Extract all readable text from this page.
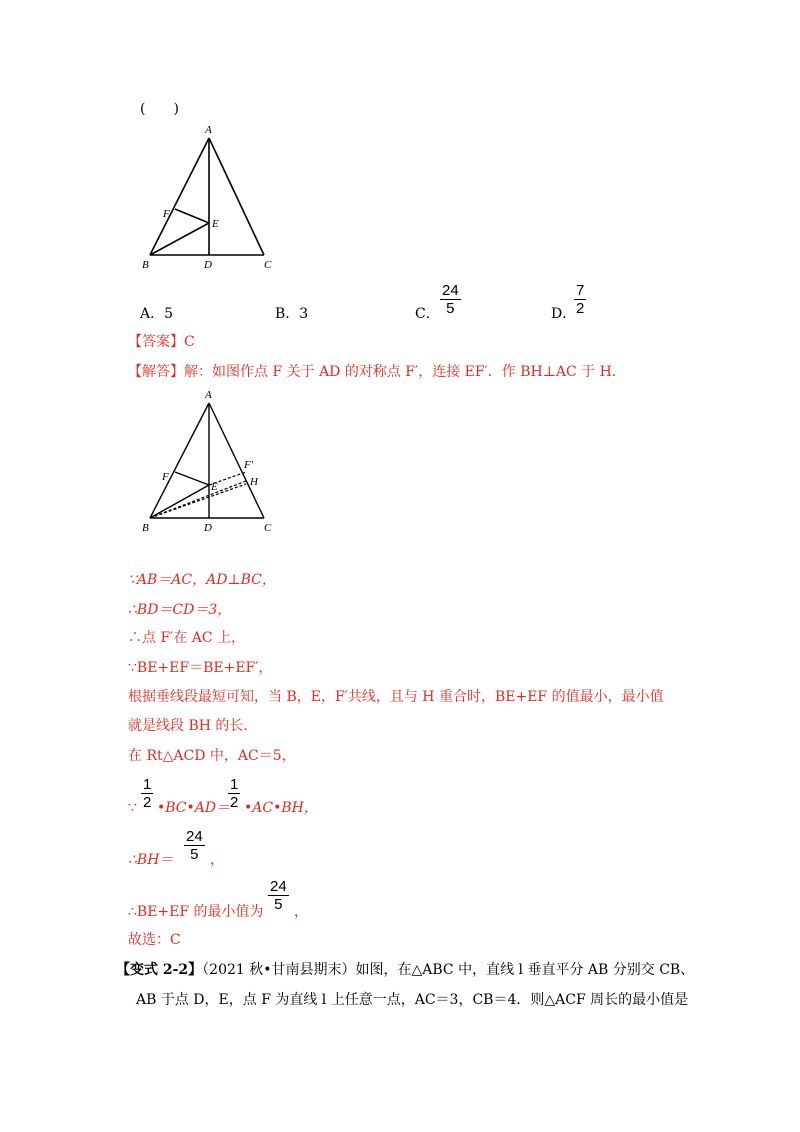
(　　)
A
B	C
D
E
F
A．5	B．3	C． $\frac{24}{5}$	D．
$\frac{7}{2}$
【答案】C
【解答】解：如图作点 F 关于 AD 的对称点 F′，连接 EF′．作 BH⊥AC 于 H．
A
B	C
D
E
F
F′
H
∵AB＝AC，AD⊥BC，
∴BD＝CD＝3，
∴点 F′在 AC 上，
∵BE+EF＝BE+EF′，
根据垂线段最短可知，当 B，E，F′共线，且与 H 重合时，BE+EF 的值最小，最小值
就是线段 BH 的长．
在 Rt△ACD 中，AC＝5，
∵ $\frac{1}{2}$ •BC•AD＝
$\frac{1}{2}$ •AC•BH，
∴BH＝ $\frac{24}{5}$ ，
∴BE+EF 的最小值为 $\frac{24}{5}$ ，
故选：C
【变式 2-2】（2021 秋•甘南县期末）如图，在△ABC 中，直线 l 垂直平分 AB 分别交 CB、
AB 于点 D，E，点 F 为直线 l 上任意一点，AC＝3，CB＝4．则△ACF 周长的最小值是
